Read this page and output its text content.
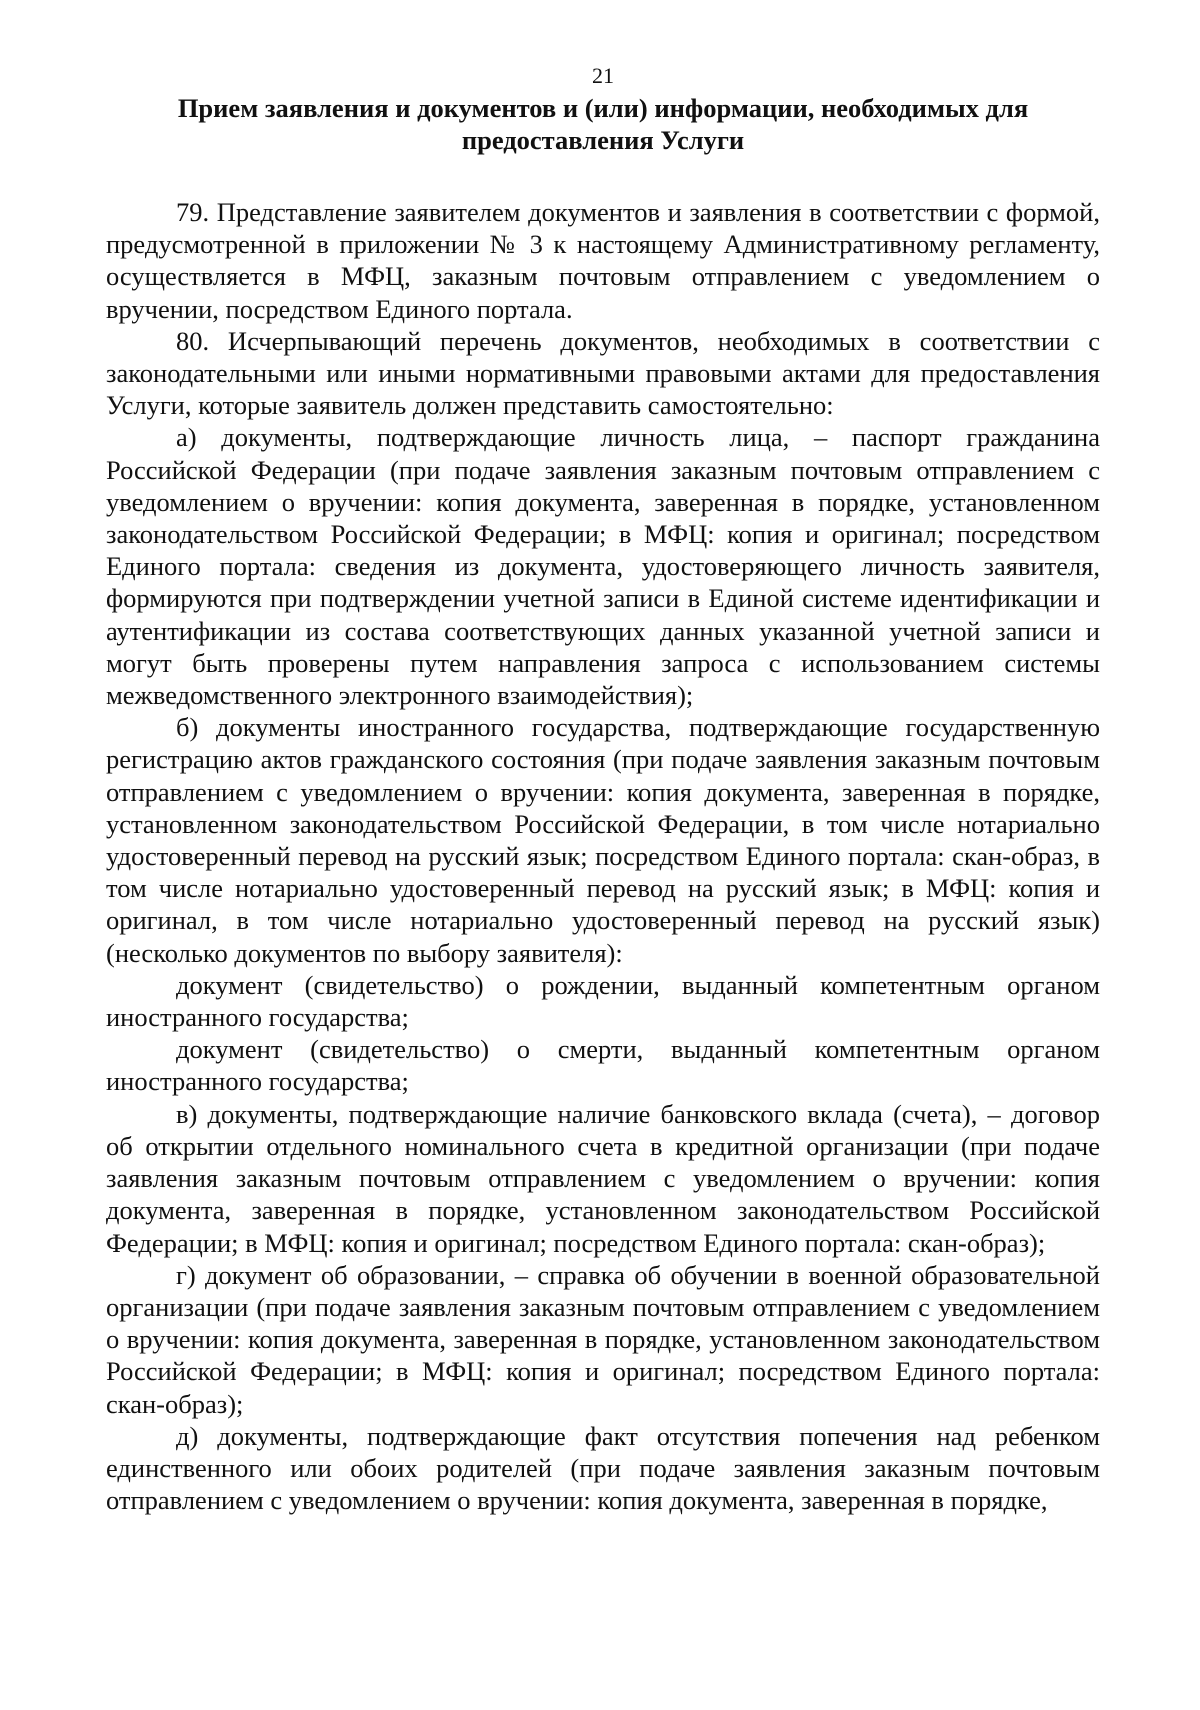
21
Прием заявления и документов и (или) информации, необходимых для
предоставления Услуги

79. Представление заявителем документов и заявления в соответствии с формой, предусмотренной в приложении № 3 к настоящему Административному регламенту, осуществляется в МФЦ, заказным почтовым отправлением с уведомлением о вручении, посредством Единого портала.

80. Исчерпывающий перечень документов, необходимых в соответствии с законодательными или иными нормативными правовыми актами для предоставления Услуги, которые заявитель должен представить самостоятельно:

а) документы, подтверждающие личность лица, – паспорт гражданина Российской Федерации (при подаче заявления заказным почтовым отправлением с уведомлением о вручении: копия документа, заверенная в порядке, установленном законодательством Российской Федерации; в МФЦ: копия и оригинал; посредством Единого портала: сведения из документа, удостоверяющего личность заявителя, формируются при подтверждении учетной записи в Единой системе идентификации и аутентификации из состава соответствующих данных указанной учетной записи и могут быть проверены путем направления запроса с использованием системы межведомственного электронного взаимодействия);

б) документы иностранного государства, подтверждающие государственную регистрацию актов гражданского состояния (при подаче заявления заказным почтовым отправлением с уведомлением о вручении: копия документа, заверенная в порядке, установленном законодательством Российской Федерации, в том числе нотариально удостоверенный перевод на русский язык; посредством Единого портала: скан-образ, в том числе нотариально удостоверенный перевод на русский язык; в МФЦ: копия и оригинал, в том числе нотариально удостоверенный перевод на русский язык) (несколько документов по выбору заявителя):

документ (свидетельство) о рождении, выданный компетентным органом иностранного государства;

документ (свидетельство) о смерти, выданный компетентным органом иностранного государства;

в) документы, подтверждающие наличие банковского вклада (счета), – договор об открытии отдельного номинального счета в кредитной организации (при подаче заявления заказным почтовым отправлением с уведомлением о вручении: копия документа, заверенная в порядке, установленном законодательством Российской Федерации; в МФЦ: копия и оригинал; посредством Единого портала: скан-образ);

г) документ об образовании, – справка об обучении в военной образовательной организации (при подаче заявления заказным почтовым отправлением с уведомлением о вручении: копия документа, заверенная в порядке, установленном законодательством Российской Федерации; в МФЦ: копия и оригинал; посредством Единого портала: скан-образ);

д) документы, подтверждающие факт отсутствия попечения над ребенком единственного или обоих родителей (при подаче заявления заказным почтовым отправлением с уведомлением о вручении: копия документа, заверенная в порядке,
